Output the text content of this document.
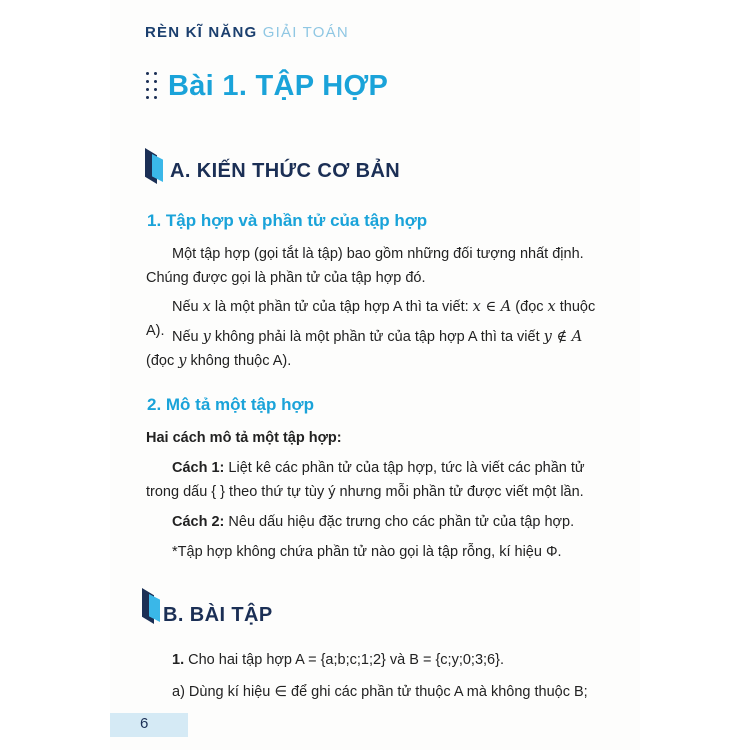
RÈN KĨ NĂNG GIẢI TOÁN
Bài 1. TẬP HỢP
A. KIẾN THỨC CƠ BẢN
1. Tập hợp và phần tử của tập hợp

Một tập hợp (gọi tắt là tập) bao gồm những đối tượng nhất định. Chúng được gọi là phần tử của tập hợp đó.

Nếu x là một phần tử của tập hợp A thì ta viết: x ∈ A (đọc x thuộc A). Nếu y không phải là một phần tử của tập hợp A thì ta viết y ∉ A (đọc y không thuộc A).

2. Mô tả một tập hợp

Hai cách mô tả một tập hợp:

Cách 1: Liệt kê các phần tử của tập hợp, tức là viết các phần tử trong dấu { } theo thứ tự tùy ý nhưng mỗi phần tử được viết một lần.

Cách 2: Nêu dấu hiệu đặc trưng cho các phần tử của tập hợp.

*Tập hợp không chứa phần tử nào gọi là tập rỗng, kí hiệu Φ.

B. BÀI TẬP

1. Cho hai tập hợp A = {a;b;c;1;2} và B = {c;y;0;3;6}.

a) Dùng kí hiệu ∈ để ghi các phần tử thuộc A mà không thuộc B;

6
